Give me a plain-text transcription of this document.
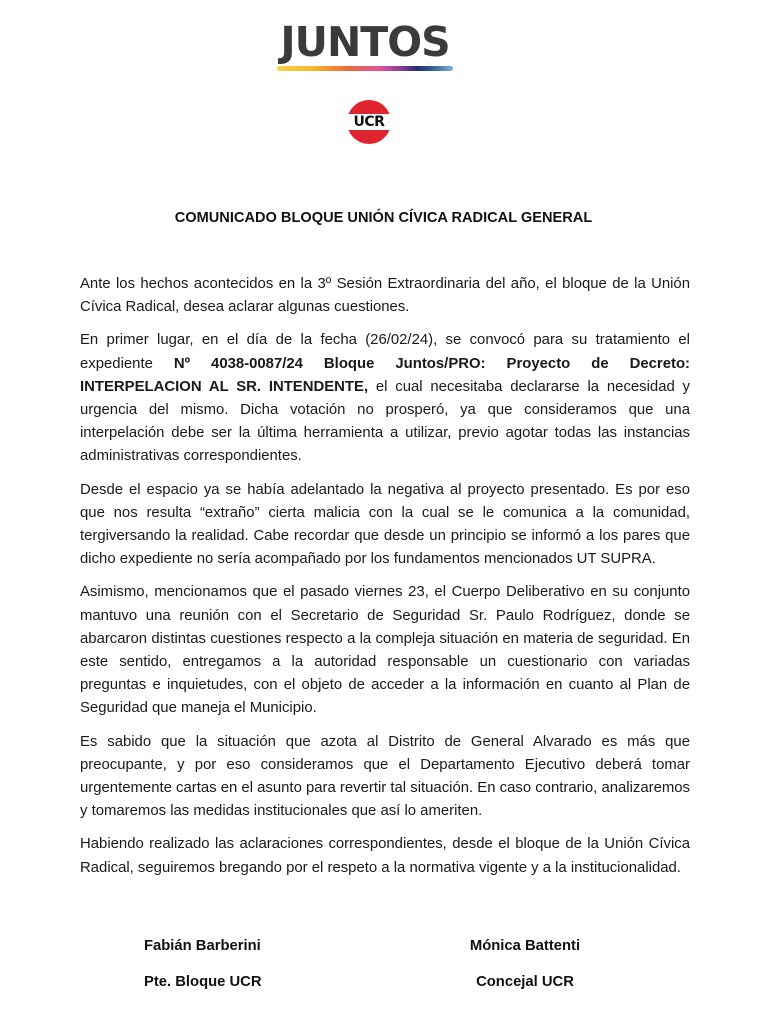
JUNTOS
UCR
COMUNICADO BLOQUE UNIÓN CÍVICA RADICAL GENERAL

Ante los hechos acontecidos en la 3º Sesión Extraordinaria del año, el bloque de la Unión Cívica Radical, desea aclarar algunas cuestiones.

En primer lugar, en el día de la fecha (26/02/24), se convocó para su tratamiento el expediente Nº 4038-0087/24 Bloque Juntos/PRO: Proyecto de Decreto: INTERPELACION AL SR. INTENDENTE, el cual necesitaba declararse la necesidad y urgencia del mismo. Dicha votación no prosperó, ya que consideramos que una interpelación debe ser la última herramienta a utilizar, previo agotar todas las instancias administrativas correspondientes.

Desde el espacio ya se había adelantado la negativa al proyecto presentado. Es por eso que nos resulta “extraño” cierta malicia con la cual se le comunica a la comunidad, tergiversando la realidad. Cabe recordar que desde un principio se informó a los pares que dicho expediente no sería acompañado por los fundamentos mencionados UT SUPRA.

Asimismo, mencionamos que el pasado viernes 23, el Cuerpo Deliberativo en su conjunto mantuvo una reunión con el Secretario de Seguridad Sr. Paulo Rodríguez, donde se abarcaron distintas cuestiones respecto a la compleja situación en materia de seguridad. En este sentido, entregamos a la autoridad responsable un cuestionario con variadas preguntas e inquietudes, con el objeto de acceder a la información en cuanto al Plan de Seguridad que maneja el Municipio.

Es sabido que la situación que azota al Distrito de General Alvarado es más que preocupante, y por eso consideramos que el Departamento Ejecutivo deberá tomar urgentemente cartas en el asunto para revertir tal situación. En caso contrario, analizaremos y tomaremos las medidas institucionales que así lo ameriten.

Habiendo realizado las aclaraciones correspondientes, desde el bloque de la Unión Cívica Radical, seguiremos bregando por el respeto a la normativa vigente y a la institucionalidad.

Fabián Barberini
Pte. Bloque UCR
Mónica Battenti
Concejal UCR
